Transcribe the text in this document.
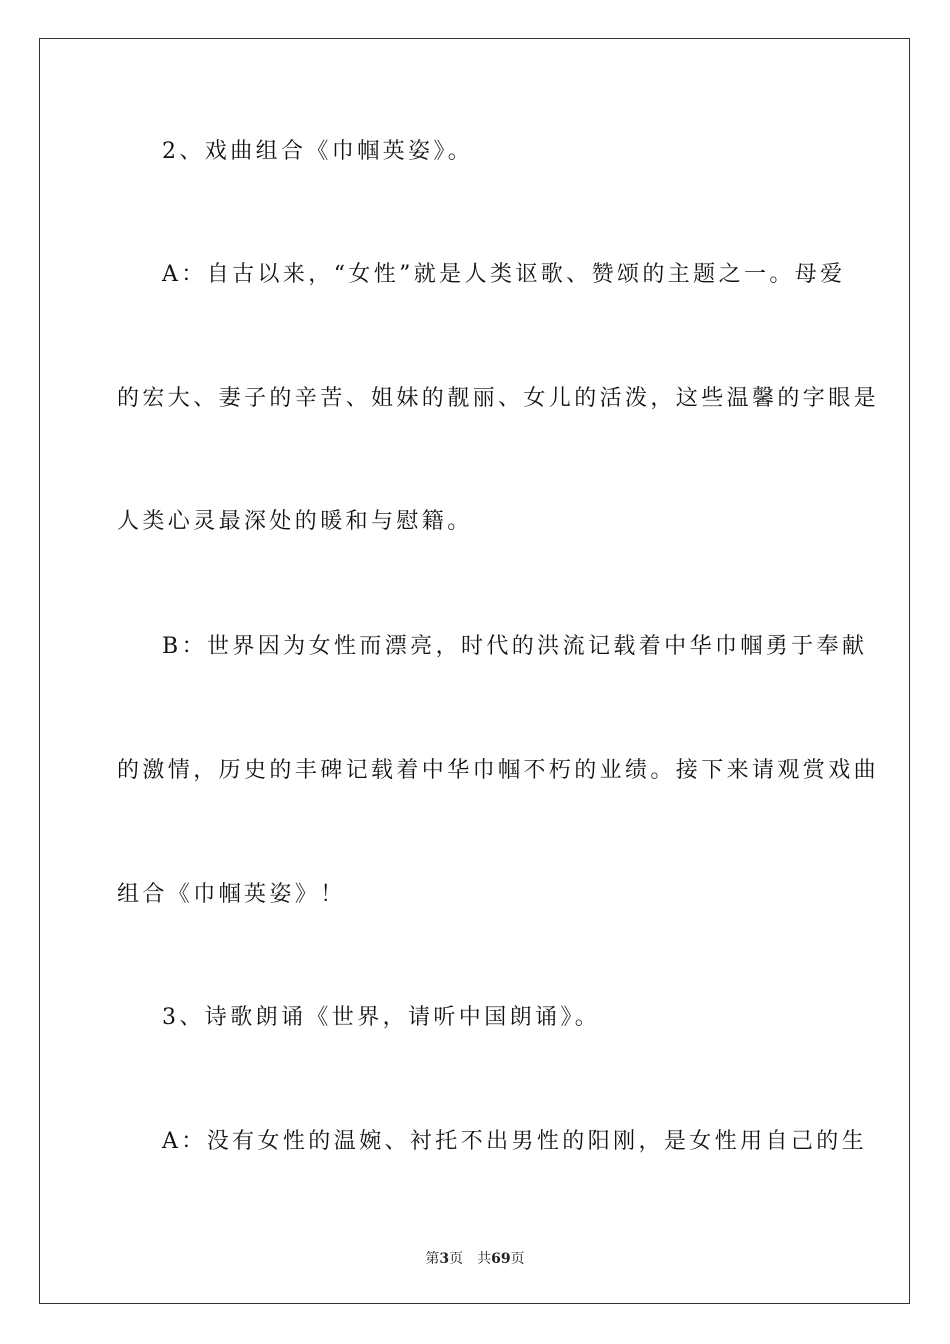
2、戏曲组合《巾帼英姿》。
A：自古以来，“女性”就是人类讴歌、赞颂的主题之一。母爱
的宏大、妻子的辛苦、姐妹的靓丽、女儿的活泼，这些温馨的字眼是
人类心灵最深处的暖和与慰籍。
B：世界因为女性而漂亮，时代的洪流记载着中华巾帼勇于奉献
的激情，历史的丰碑记载着中华巾帼不朽的业绩。接下来请观赏戏曲
组合《巾帼英姿》！
3、诗歌朗诵《世界，请听中国朗诵》。
A：没有女性的温婉、衬托不出男性的阳刚，是女性用自己的生
第3页 共69页
